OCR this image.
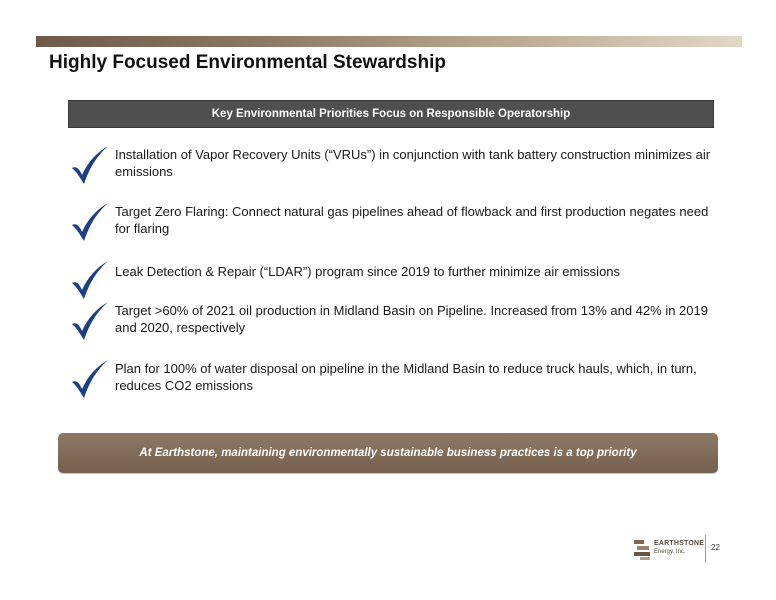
Highly Focused Environmental Stewardship
Key Environmental Priorities Focus on Responsible Operatorship

Installation of Vapor Recovery Units (“VRUs”) in conjunction with tank battery construction minimizes air emissions

Target Zero Flaring: Connect natural gas pipelines ahead of flowback and first production negates need for flaring

Leak Detection & Repair (“LDAR”) program since 2019 to further minimize air emissions

Target >60% of 2021 oil production in Midland Basin on Pipeline. Increased from 13% and 42% in 2019 and 2020, respectively

Plan for 100% of water disposal on pipeline in the Midland Basin to reduce truck hauls, which, in turn, reduces CO2 emissions

At Earthstone, maintaining environmentally sustainable business practices is a top priority
EARTHSTONE
Energy, Inc.	22
